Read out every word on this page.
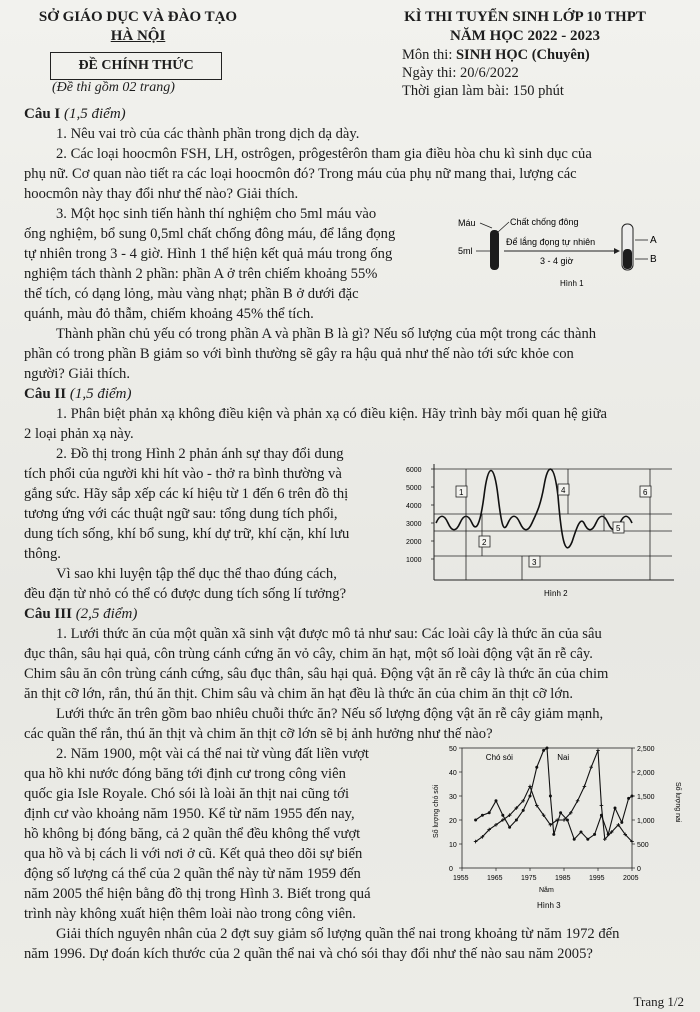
SỞ GIÁO DỤC VÀ ĐÀO TẠO
HÀ NỘI
ĐỀ CHÍNH THỨC
(Đề thi gồm 02 trang)
KÌ THI TUYỂN SINH LỚP 10 THPT
NĂM HỌC 2022 - 2023
Môn thi: SINH HỌC (Chuyên)
Ngày thi: 20/6/2022
Thời gian làm bài: 150 phút
Câu I (1,5 điểm)
1. Nêu vai trò của các thành phần trong dịch dạ dày.
2. Các loại hoocmôn FSH, LH, ostrôgen, prôgestêrôn tham gia điều hòa chu kì sinh dục của
phụ nữ. Cơ quan nào tiết ra các loại hoocmôn đó? Trong máu của phụ nữ mang thai, lượng các
hoocmôn này thay đổi như thế nào? Giải thích.
3. Một học sinh tiến hành thí nghiệm cho 5ml máu vào
ống nghiệm, bổ sung 0,5ml chất chống đông máu, để lắng đọng
tự nhiên trong 3 - 4 giờ. Hình 1 thể hiện kết quả máu trong ống
nghiệm tách thành 2 phần: phần A ở trên chiếm khoảng 55%
thể tích, có dạng lỏng, màu vàng nhạt; phần B ở dưới đặc
quánh, màu đỏ thẫm, chiếm khoảng 45% thể tích.
Máu	Chất chống đông
5ml
Để lắng đọng tự nhiên
3 - 4 giờ
A
B
Hình 1
Thành phần chủ yếu có trong phần A và phần B là gì? Nếu số lượng của một trong các thành
phần có trong phần B giảm so với bình thường sẽ gây ra hậu quả như thế nào tới sức khỏe con
người? Giải thích.
Câu II (1,5 điểm)
1. Phân biệt phản xạ không điều kiện và phản xạ có điều kiện. Hãy trình bày mối quan hệ giữa
2 loại phản xạ này.
2. Đồ thị trong Hình 2 phản ánh sự thay đổi dung
tích phổi của người khi hít vào - thở ra bình thường và
gắng sức. Hãy sắp xếp các kí hiệu từ 1 đến 6 trên đồ thị
tương ứng với các thuật ngữ sau: tổng dung tích phổi,
dung tích sống, khí bổ sung, khí dự trữ, khí cặn, khí lưu
thông.
Vì sao khi luyện tập thể dục thể thao đúng cách,
đều đặn từ nhỏ có thể có được dung tích sống lí tưởng?
6000
5000
4000
3000
2000
1000
1
2
3
4
5
6
Hình 2
Câu III (2,5 điểm)
1. Lưới thức ăn của một quần xã sinh vật được mô tả như sau: Các loài cây là thức ăn của sâu
đục thân, sâu hại quả, côn trùng cánh cứng ăn vỏ cây, chim ăn hạt, một số loài động vật ăn rễ cây.
Chim sâu ăn côn trùng cánh cứng, sâu đục thân, sâu hại quả. Động vật ăn rễ cây là thức ăn của chim
ăn thịt cỡ lớn, rắn, thú ăn thịt. Chim sâu và chim ăn hạt đều là thức ăn của chim ăn thịt cỡ lớn.
Lưới thức ăn trên gồm bao nhiêu chuỗi thức ăn? Nếu số lượng động vật ăn rễ cây giảm mạnh,
các quần thể rắn, thú ăn thịt và chim ăn thịt cỡ lớn sẽ bị ảnh hưởng như thế nào?
2. Năm 1900, một vài cá thể nai từ vùng đất liền vượt
qua hồ khi nước đóng băng tới định cư trong công viên
quốc gia Isle Royale. Chó sói là loài ăn thịt nai cũng tới
định cư vào khoảng năm 1950. Kể từ năm 1955 đến nay,
hồ không bị đóng băng, cả 2 quần thể đều không thể vượt
qua hồ và bị cách li với nơi ở cũ. Kết quả theo dõi sự biến
động số lượng cá thể của 2 quần thể này từ năm 1959 đến
năm 2005 thể hiện bằng đồ thị trong Hình 3. Biết trong quá
trình này không xuất hiện thêm loài nào trong công viên.
1955	1965	1975	1985	1995	2005
0
10
20
30
40
50
0
500
1,000
1,500
2,000
2,500
Năm
Số lượng chó sói	Số lượng nai
Chó sói	Nai
Hình 3
Giải thích nguyên nhân của 2 đợt suy giảm số lượng quần thể nai trong khoảng từ năm 1972 đến
năm 1996. Dự đoán kích thước của 2 quần thể nai và chó sói thay đổi như thế nào sau năm 2005?
Trang 1/2
